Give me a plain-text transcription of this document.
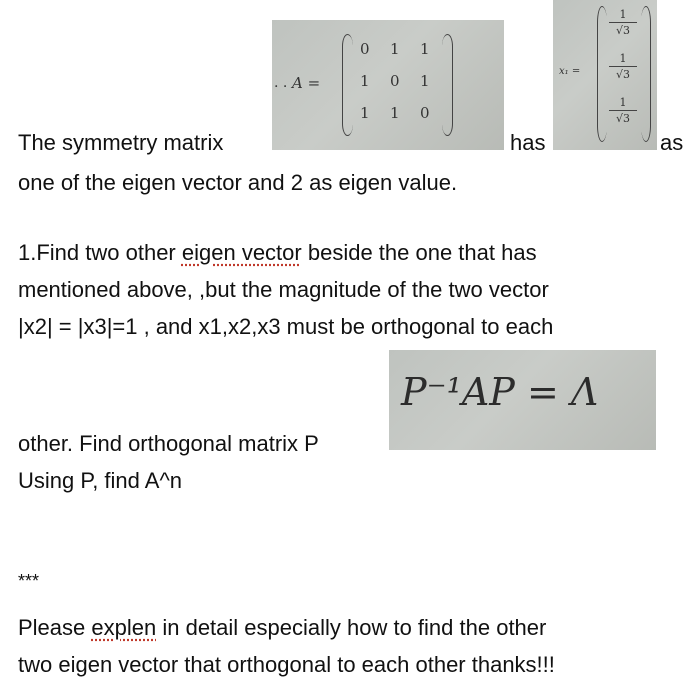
The symmetry matrix	has	as

. . A =
0 1 1
1 0 1
1 1 0
x₁ =
1
√3
1
√3
1
√3

one of the eigen vector and 2 as eigen value.

1.Find two other eigen vector beside the one that has

mentioned above, ,but the magnitude of the two vector

|x2| = |x3|=1 , and x1,x2,x3 must be orthogonal to each

P⁻¹AP = Λ

other. Find orthogonal matrix P

Using P, find A^n

***

Please explen in detail especially how to find the other

two eigen vector that orthogonal to each other thanks!!!
